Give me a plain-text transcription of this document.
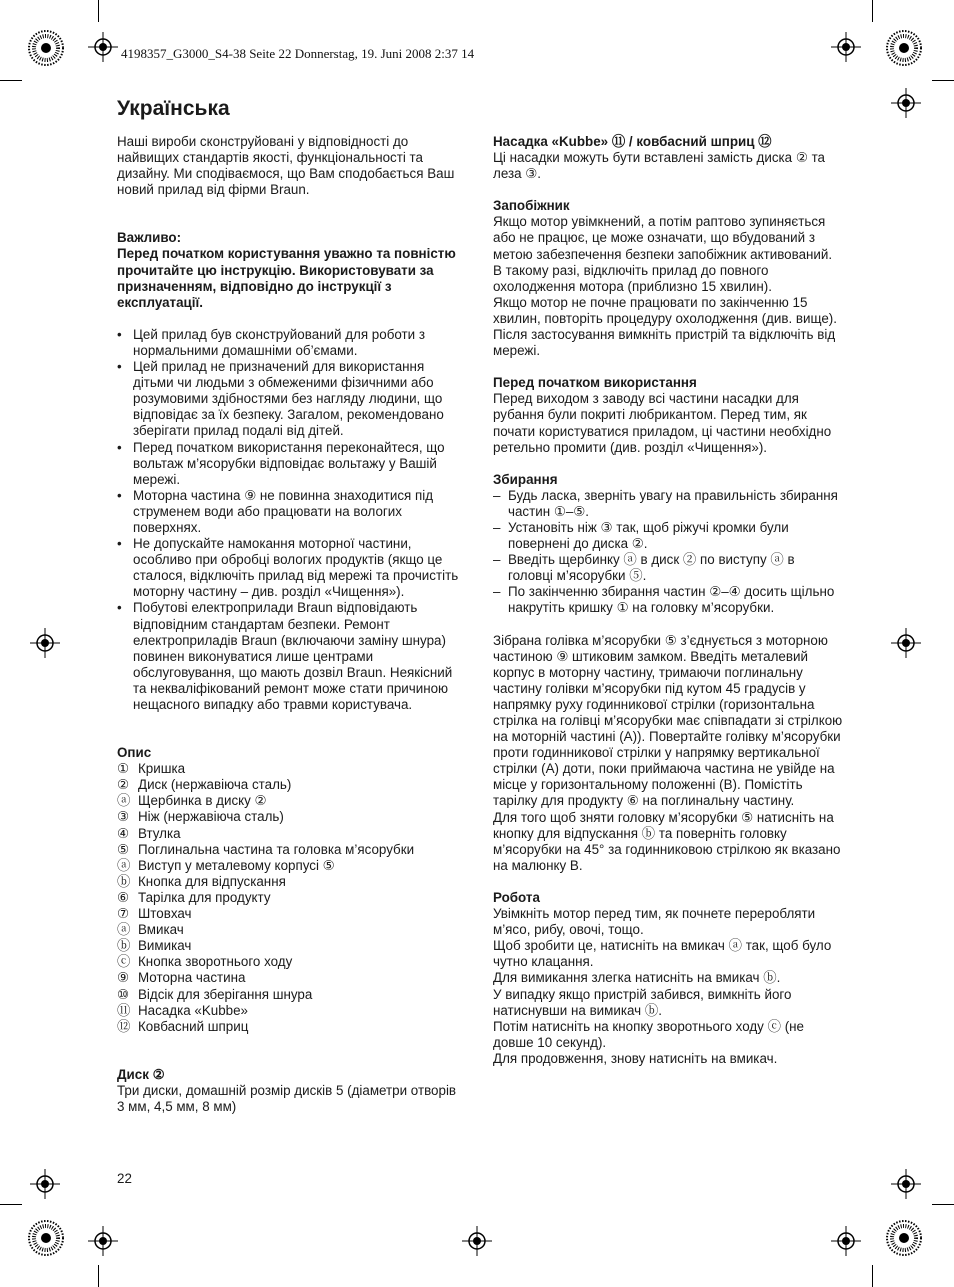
4198357_G3000_S4-38 Seite 22 Donnerstag, 19. Juni 2008 2:37 14
Українська

Наші вироби сконструйовані у відповідності до найвищих стандартів якості, функціональності та дизайну. Ми сподіваємося, що Вам сподобається Ваш новий прилад від фірми Braun.

Важливо:

Перед початком користування уважно та повністю прочитайте цю інструкцію. Використовувати за призначенням, відповідно до інструкції з експлуатації.

• Цей прилад був сконструйований для роботи з нормальними домашніми об’ємами.
• Цей прилад не призначений для використання дітьми чи людьми з обмеженими фізичними або розумовими здібностями без нагляду людини, що відповідає за їх безпеку. Загалом, рекомендовано зберігати прилад подалі від дітей.
• Перед початком використання переконайтеся, що вольтаж м’ясорубки відповідає вольтажу у Вашій мережі.
• Моторна частина ⑨ не повинна знаходитися під струменем води або працювати на вологих поверхнях.
• Не допускайте намокання моторної частини, особливо при обробці вологих продуктів (якщо це сталося, відключіть прилад від мережі та прочистіть моторну частину – див. розділ «Чищення»).
• Побутові електроприлади Braun відповідають відповідним стандартам безпеки. Ремонт електроприладів Braun (включаючи заміну шнура) повинен виконуватися лише центрами обслуговування, що мають дозвіл Braun. Неякісний та некваліфікований ремонт може стати причиною нещасного випадку або травми користувача.

Опис

① Кришка
② Диск (нержавіюча сталь)
ⓐ Щербинка в диску ②
③ Ніж (нержавіюча сталь)
④ Втулка
⑤ Поглинальна частина та головка м’ясорубки
ⓐ Виступ у металевому корпусі ⑤
ⓑ Кнопка для відпускання
⑥ Тарілка для продукту
⑦ Штовхач
ⓐ Вмикач
ⓑ Вимикач
ⓒ Кнопка зворотнього ходу
⑨ Моторна частина
⑩ Відсік для зберігання шнура
⑪ Насадка «Kubbe»
⑫ Ковбасний шприц

Диск ②

Три диски, домашній розмір дисків 5 (діаметри отворів 3 мм, 4,5 мм, 8 мм)

Насадка «Kubbe» ⑪ / ковбасний шприц ⑫

Ці насадки можуть бути вставлені замість диска ② та леза ③.

Запобіжник

Якщо мотор увімкнений, а потім раптово зупиняється або не працює, це може означати, що вбудований з метою забезпечення безпеки запобіжник активований. В такому разі, відключіть прилад до повного охолодження мотора (приблизно 15 хвилин).

Якщо мотор не почне працювати по закінченню 15 хвилин, повторіть процедуру охолодження (див. вище).

Після застосування вимкніть пристрій та відключіть від мережі.

Перед початком використання

Перед виходом з заводу всі частини насадки для рубання були покриті любрикантом. Перед тим, як почати користуватися приладом, ці частини необхідно ретельно промити (див. розділ «Чищення»).

Збирання

– Будь ласка, зверніть увагу на правильність збирання частин ①–⑤.
– Установіть ніж ③ так, щоб ріжучі кромки були повернені до диска ②.
– Введіть щербинку ⓐ в диск ② по виступу ⓐ в головці м’ясорубки ⑤.
– По закінченню збирання частин ②–④ досить щільно накрутіть кришку ① на головку м’ясорубки.

Зібрана голівка м’ясорубки ⑤ з’єднується з моторною частиною ⑨ штиковим замком. Введіть металевий корпус в моторну частину, тримаючи поглинальну частину голівки м’ясорубки під кутом 45 градусів у напрямку руху годинникової стрілки (горизонтальна стрілка на голівці м’ясорубки має співпадати зі стрілкою на моторній частині (A)). Повертайте голівку м’ясорубки проти годинникової стрілки у напрямку вертикальної стрілки (A) доти, поки приймаюча частина не увійде на місце у горизонтальному положенні (B). Помістіть тарілку для продукту ⑥ на поглинальну частину.

Для того щоб зняти головку м’ясорубки ⑤ натисніть на кнопку для відпускання ⓑ та поверніть головку м’ясорубки на 45° за годинниковою стрілкою як вказано на малюнку B.

Робота

Увімкніть мотор перед тим, як почнете переробляти м’ясо, рибу, овочі, тощо.

Щоб зробити це, натисніть на вмикач ⓐ так, щоб було чутно клацання.

Для вимикання злегка натисніть на вмикач ⓑ.

У випадку якщо пристрій забився, вимкніть його натиснувши на вимикач ⓑ.

Потім натисніть на кнопку зворотнього ходу ⓒ (не довше 10 секунд).

Для продовження, знову натисніть на вмикач.

22
